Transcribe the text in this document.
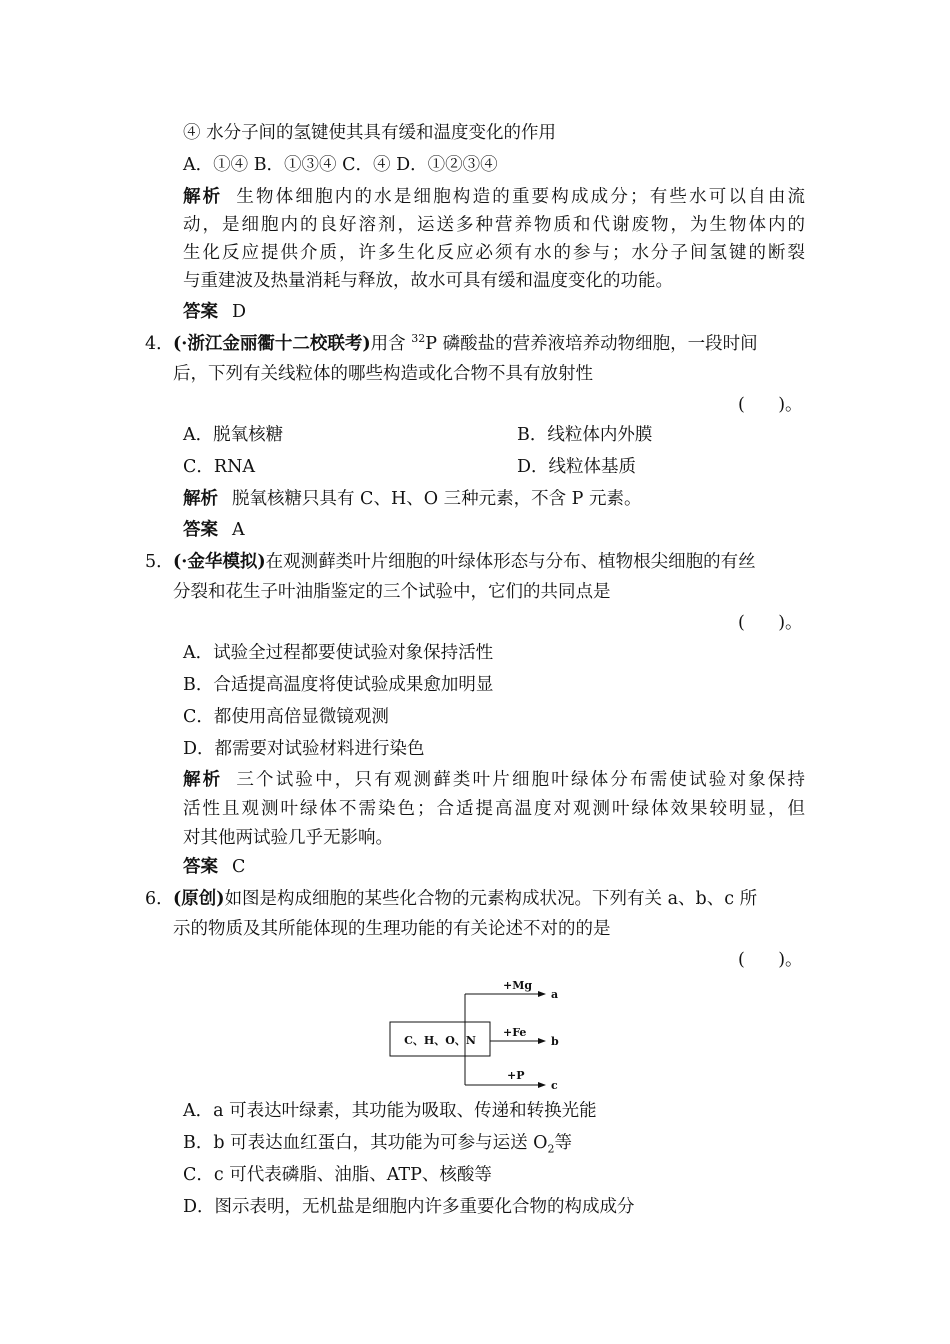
④ 水分子间的氢键使其具有缓和温度变化的作用
A．①④ B．①③④ C．④ D．①②③④
解析 生物体细胞内的水是细胞构造的重要构成成分；有些水可以自由流
动，是细胞内的良好溶剂，运送多种营养物质和代谢废物，为生物体内的
生化反应提供介质，许多生化反应必须有水的参与；水分子间氢键的断裂
与重建波及热量消耗与释放，故水可具有缓和温度变化的功能。
答案 D
4． (·浙江金丽衢十二校联考)用含 $^{32}$P 磷酸盐的营养液培养动物细胞，一段时间
后，下列有关线粒体的哪些构造或化合物不具有放射性
(      )。
A．脱氧核糖	B．线粒体内外膜
C．RNA	D．线粒体基质
解析 脱氧核糖只具有 C、H、O 三种元素，不含 P 元素。
答案 A
5． (·金华模拟)在观测藓类叶片细胞的叶绿体形态与分布、植物根尖细胞的有丝
分裂和花生子叶油脂鉴定的三个试验中，它们的共同点是
(      )。
A．试验全过程都要使试验对象保持活性
B．合适提高温度将使试验成果愈加明显
C．都使用高倍显微镜观测
D．都需要对试验材料进行染色
解析 三个试验中，只有观测藓类叶片细胞叶绿体分布需使试验对象保持
活性且观测叶绿体不需染色；合适提高温度对观测叶绿体效果较明显，但
对其他两试验几乎无影响。
答案 C
6． (原创)如图是构成细胞的某些化合物的元素构成状况。下列有关 a、b、c 所
示的物质及其所能体现的生理功能的有关论述不对的的是
(      )。
C、H、O、N
+Mg
+Fe
+P
a
b
c
A．a 可表达叶绿素，其功能为吸取、传递和转换光能
B．b 可表达血红蛋白，其功能为可参与运送 $O_2$等
C．c 可代表磷脂、油脂、ATP、核酸等
D．图示表明，无机盐是细胞内许多重要化合物的构成成分
